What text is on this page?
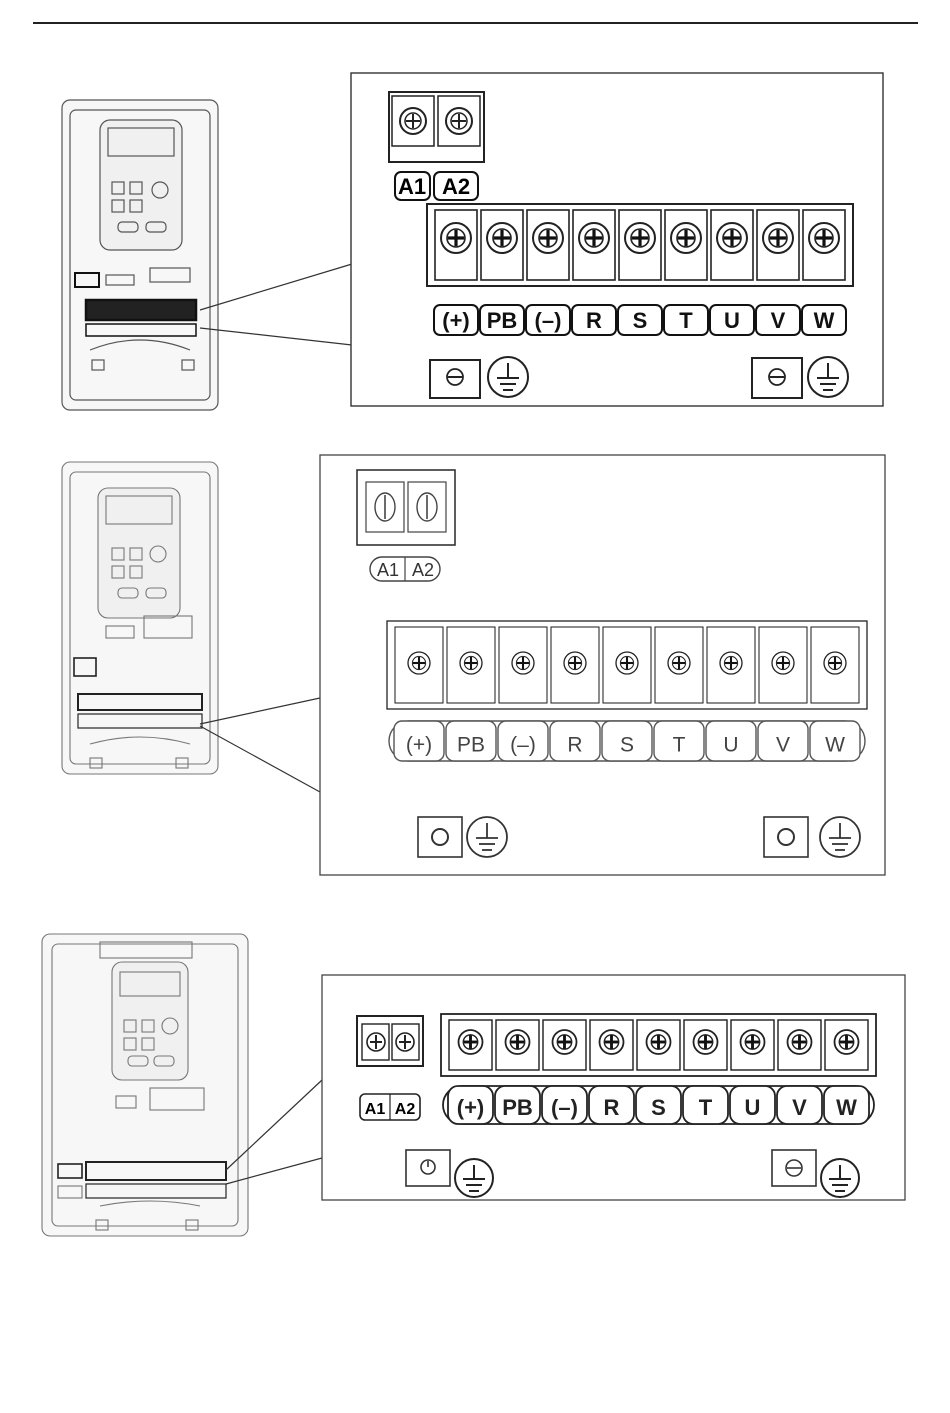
A1 A2
(+) PB (–) R S T U V W
A1 A2
(+) PB (–) R S T U V W
A1 A2 (+) PB (–) R S T U V W
